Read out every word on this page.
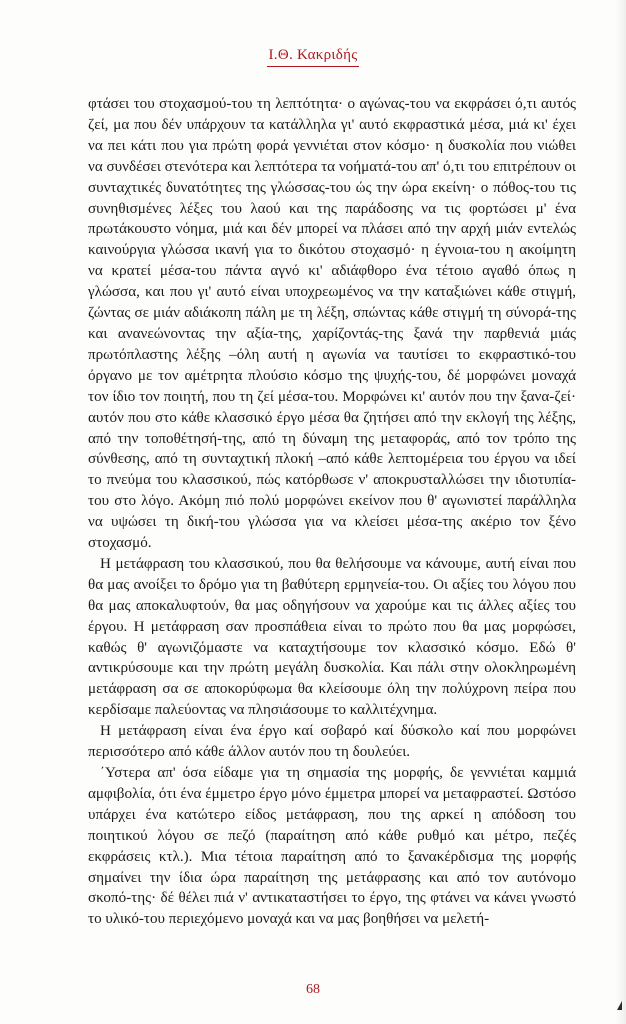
Ι.Θ. Κακριδής

φτάσει του στοχασμού-του τη λεπτότητα· ο αγώνας-του να εκφράσει ό,τι αυτός ζεί, μα που δέν υπάρχουν τα κατάλληλα γι' αυτό εκφραστικά μέσα, μιά κι' έχει να πει κάτι που για πρώτη φορά γεννιέται στον κόσμο· η δυσκολία που νιώθει να συνδέσει στενότερα και λεπτότερα τα νοήματά-του απ' ό,τι του επιτρέπουν οι συνταχτικές δυνατότητες της γλώσσας-του ώς την ώρα εκείνη· ο πόθος-του τις συνηθισμένες λέξες του λαού και της παράδοσης να τις φορτώσει μ' ένα πρωτάκουστο νόημα, μιά και δέν μπορεί να πλάσει από την αρχή μιάν εντελώς καινούργια γλώσσα ικανή για το δικότου στοχασμό· η έγνοια-του η ακοίμητη να κρατεί μέσα-του πάντα αγνό κι' αδιάφθορο ένα τέτοιο αγαθό όπως η γλώσσα, και που γι' αυτό είναι υποχρεωμένος να την καταξιώνει κάθε στιγμή, ζώντας σε μιάν αδιάκοπη πάλη με τη λέξη, σπώντας κάθε στιγμή τη σύνορά-της και ανανεώνοντας την αξία-της, χαρίζοντάς-της ξανά την παρθενιά μιάς πρωτόπλαστης λέξης –όλη αυτή η αγωνία να ταυτίσει το εκφραστικό-του όργανο με τον αμέτρητα πλούσιο κόσμο της ψυχής-του, δέ μορφώνει μοναχά τον ίδιο τον ποιητή, που τη ζεί μέσα-του. Μορφώνει κι' αυτόν που την ξανα-ζεί· αυτόν που στο κάθε κλασσικό έργο μέσα θα ζητήσει από την εκλογή της λέξης, από την τοποθέτησή-της, από τη δύναμη της μεταφοράς, από τον τρόπο της σύνθεσης, από τη συνταχτική πλοκή –από κάθε λεπτομέρεια του έργου να ιδεί το πνεύμα του κλασσικού, πώς κατόρθωσε ν' αποκρυσταλλώσει την ιδιοτυπία-του στο λόγο. Ακόμη πιό πολύ μορφώνει εκείνον που θ' αγωνιστεί παράλληλα να υψώσει τη δική-του γλώσσα για να κλείσει μέσα-της ακέριο τον ξένο στοχασμό.

Η μετάφραση του κλασσικού, που θα θελήσουμε να κάνουμε, αυτή είναι που θα μας ανοίξει το δρόμο για τη βαθύτερη ερμηνεία-του. Οι αξίες του λόγου που θα μας αποκαλυφτούν, θα μας οδηγήσουν να χαρούμε και τις άλλες αξίες του έργου. Η μετάφραση σαν προσπάθεια είναι το πρώτο που θα μας μορφώσει, καθώς θ' αγωνιζόμαστε να καταχτήσουμε τον κλασσικό κόσμο. Εδώ θ' αντικρύσουμε και την πρώτη μεγάλη δυσκολία. Και πάλι στην ολοκληρωμένη μετάφραση σα σε αποκορύφωμα θα κλείσουμε όλη την πολύχρονη πείρα που κερδίσαμε παλεύοντας να πλησιάσουμε το καλλιτέχνημα.

Η μετάφραση είναι ένα έργο καί σοβαρό καί δύσκολο καί που μορφώνει περισσότερο από κάθε άλλον αυτόν που τη δουλεύει.

΄Υστερα απ' όσα είδαμε για τη σημασία της μορφής, δε γεννιέται καμμιά αμφιβολία, ότι ένα έμμετρο έργο μόνο έμμετρα μπορεί να μεταφραστεί. Ωστόσο υπάρχει ένα κατώτερο είδος μετάφραση, που της αρκεί η απόδοση του ποιητικού λόγου σε πεζό (παραίτηση από κάθε ρυθμό και μέτρο, πεζές εκφράσεις κτλ.). Μια τέτοια παραίτηση από το ξανακέρδισμα της μορφής σημαίνει την ίδια ώρα παραίτηση της μετάφρασης και από τον αυτόνομο σκοπό-της· δέ θέλει πιά ν' αντικαταστήσει το έργο, της φτάνει να κάνει γνωστό το υλικό-του περιεχόμενο μοναχά και να μας βοηθήσει να μελετή-

68
